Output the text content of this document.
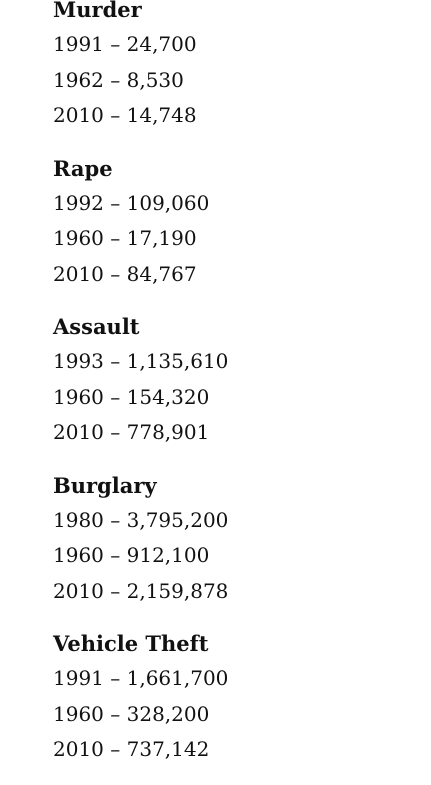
Murder

1991 – 24,700

1962 – 8,530

2010 – 14,748

Rape

1992 – 109,060

1960 – 17,190

2010 – 84,767

Assault

1993 – 1,135,610

1960 – 154,320

2010 – 778,901

Burglary

1980 – 3,795,200

1960 – 912,100

2010 – 2,159,878

Vehicle Theft

1991 – 1,661,700

1960 – 328,200

2010 – 737,142
